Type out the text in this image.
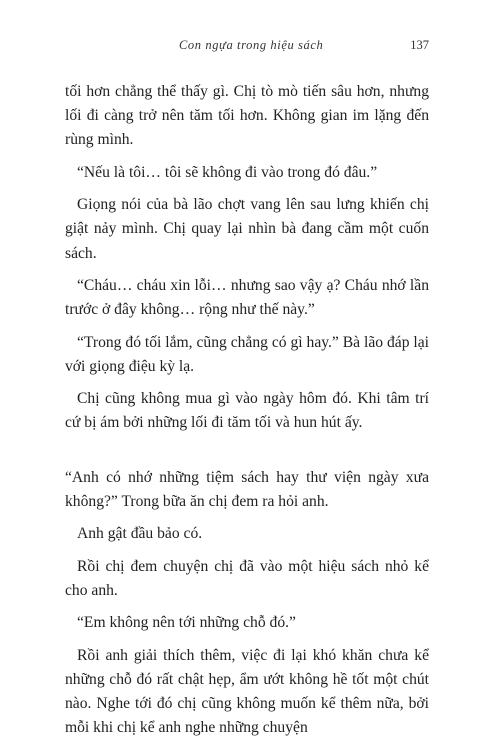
Con ngựa trong hiệu sách	137

tối hơn chẳng thể thấy gì. Chị tò mò tiến sâu hơn, nhưng lối đi càng trở nên tăm tối hơn. Không gian im lặng đến rùng mình.

“Nếu là tôi… tôi sẽ không đi vào trong đó đâu.”

Giọng nói của bà lão chợt vang lên sau lưng khiến chị giật nảy mình. Chị quay lại nhìn bà đang cầm một cuốn sách.

“Cháu… cháu xin lỗi… nhưng sao vậy ạ? Cháu nhớ lần trước ở đây không… rộng như thế này.”

“Trong đó tối lắm, cũng chẳng có gì hay.” Bà lão đáp lại với giọng điệu kỳ lạ.

Chị cũng không mua gì vào ngày hôm đó. Khi tâm trí cứ bị ám bởi những lối đi tăm tối và hun hút ấy.

“Anh có nhớ những tiệm sách hay thư viện ngày xưa không?” Trong bữa ăn chị đem ra hỏi anh.

Anh gật đầu bảo có.

Rồi chị đem chuyện chị đã vào một hiệu sách nhỏ kể cho anh.

“Em không nên tới những chỗ đó.”

Rồi anh giải thích thêm, việc đi lại khó khăn chưa kể những chỗ đó rất chật hẹp, ẩm ướt không hề tốt một chút nào. Nghe tới đó chị cũng không muốn kể thêm nữa, bởi mỗi khi chị kể anh nghe những chuyện
